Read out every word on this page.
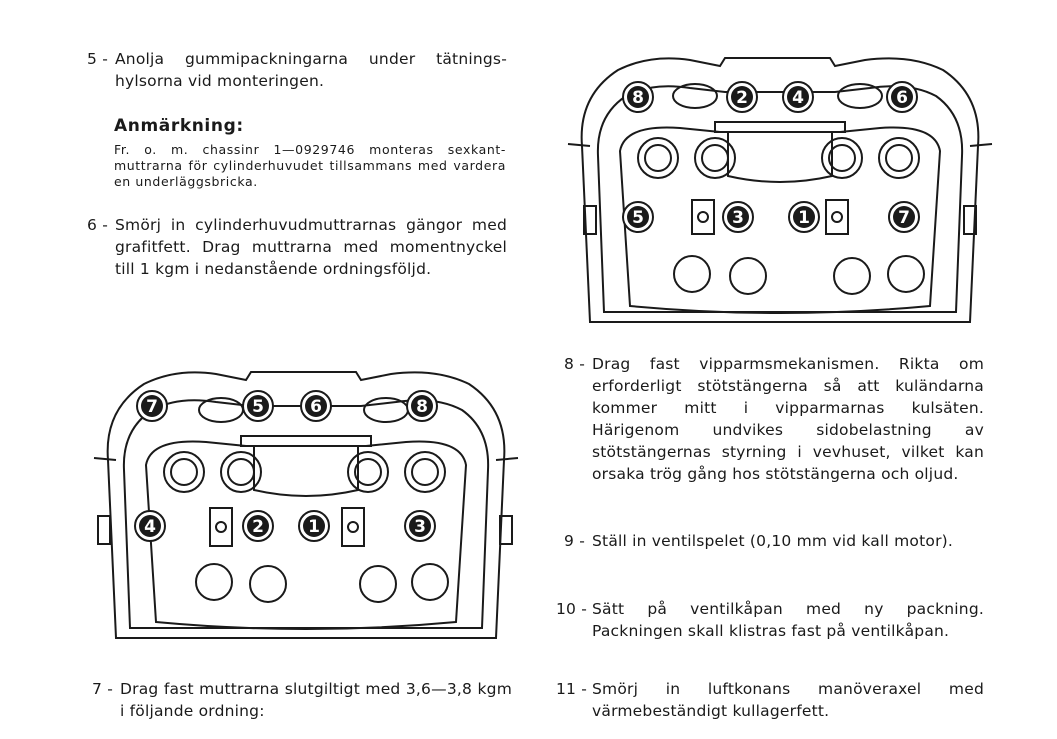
5 - Anolja gummipackningarna under tätnings-hylsorna vid monteringen.
Anmärkning:
Fr. o. m. chassinr 1—0929746 monteras sexkant-muttrarna för cylinderhuvudet tillsammans med vardera en underläggsbricka.
6 - Smörj in cylinderhuvudmuttrarnas gängor med grafitfett. Drag muttrarna med momentnyckel till 1 kgm i nedanstående ordningsföljd.
8	2	4	6
5	3	1	7
7	5	6	8
4	2	1	3
7 - Drag fast muttrarna slutgiltigt med 3,6—3,8 kgm i följande ordning:
8 - Drag fast vipparmsmekanismen. Rikta om erforderligt stötstängerna så att kuländarna kommer mitt i vipparmarnas kulsäten. Härigenom undvikes sidobelastning av stötstängernas styrning i vevhuset, vilket kan orsaka trög gång hos stötstängerna och oljud.
9 - Ställ in ventilspelet (0,10 mm vid kall motor).
10 - Sätt på ventilkåpan med ny packning. Packningen skall klistras fast på ventilkåpan.
11 - Smörj in luftkonans manöveraxel med värmebeständigt kullagerfett.
